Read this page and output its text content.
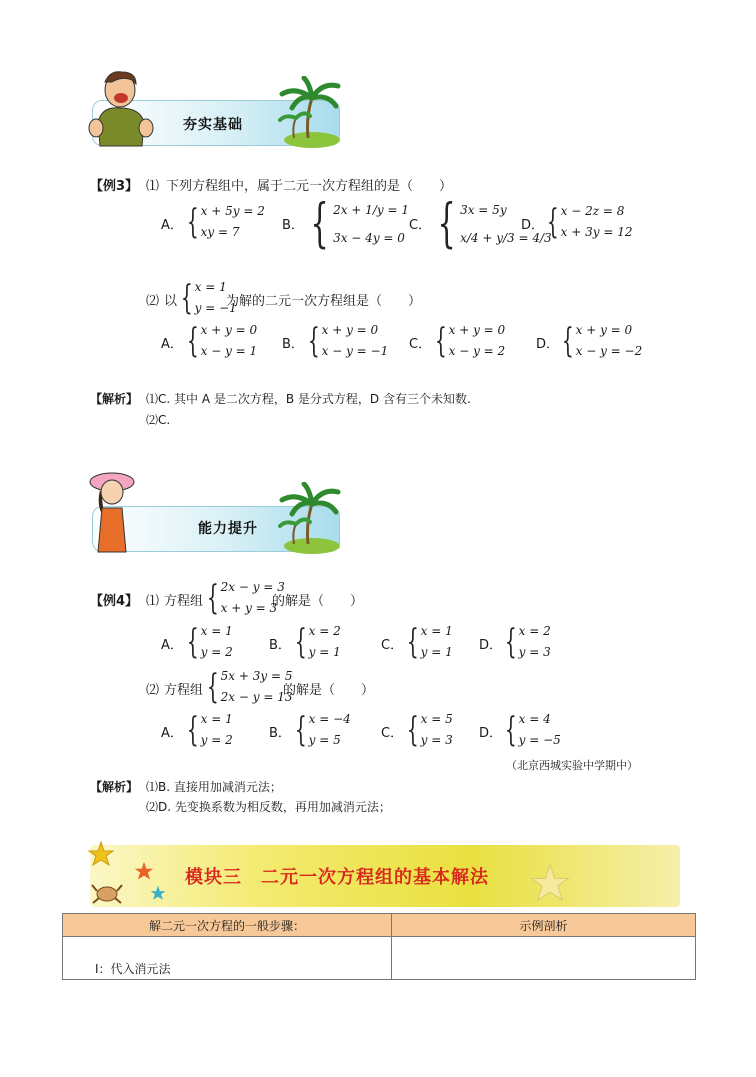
夯实基础
【例3】 ⑴ 下列方程组中，属于二元一次方程组的是（　　）
A． { x + 5y = 2
xy = 7	B． { 2x + 1/y = 1
3x − 4y = 0
C． { 3x = 5y
x/4 + y/3 = 4/3
D． { x − 2z = 8
x + 3y = 12
⑵ 以 { x = 1
y = −1
为解的二元一次方程组是（　　）
A． { x + y = 0
x − y = 1 B． { x + y = 0
x − y = −1 C． { x + y = 0
x − y = 2 D． { x + y = 0
x − y = −2
【解析】 ⑴C. 其中 A 是二次方程，B 是分式方程，D 含有三个未知数.
⑵C.
能力提升
【例4】 ⑴ 方程组 { 2x − y = 3
x + y = 3
的解是（　　）
A． { x = 1
y = 2	B． { x = 2
y = 1	C． { x = 1
y = 1 D． { x = 2
y = 3
⑵ 方程组 { 5x + 3y = 5
2x − y = 13
的解是（　　）
A． { x = 1
y = 2	B． { x = −4
y = 5	C． { x = 5
y = 3 D． { x = 4
y = −5
（北京西城实验中学期中）
【解析】 ⑴B. 直接用加减消元法；
⑵D. 先变换系数为相反数，再用加减消元法；
模块三　二元一次方程组的基本解法
解二元一次方程的一般步骤：	示例剖析
Ⅰ：代入消元法	
